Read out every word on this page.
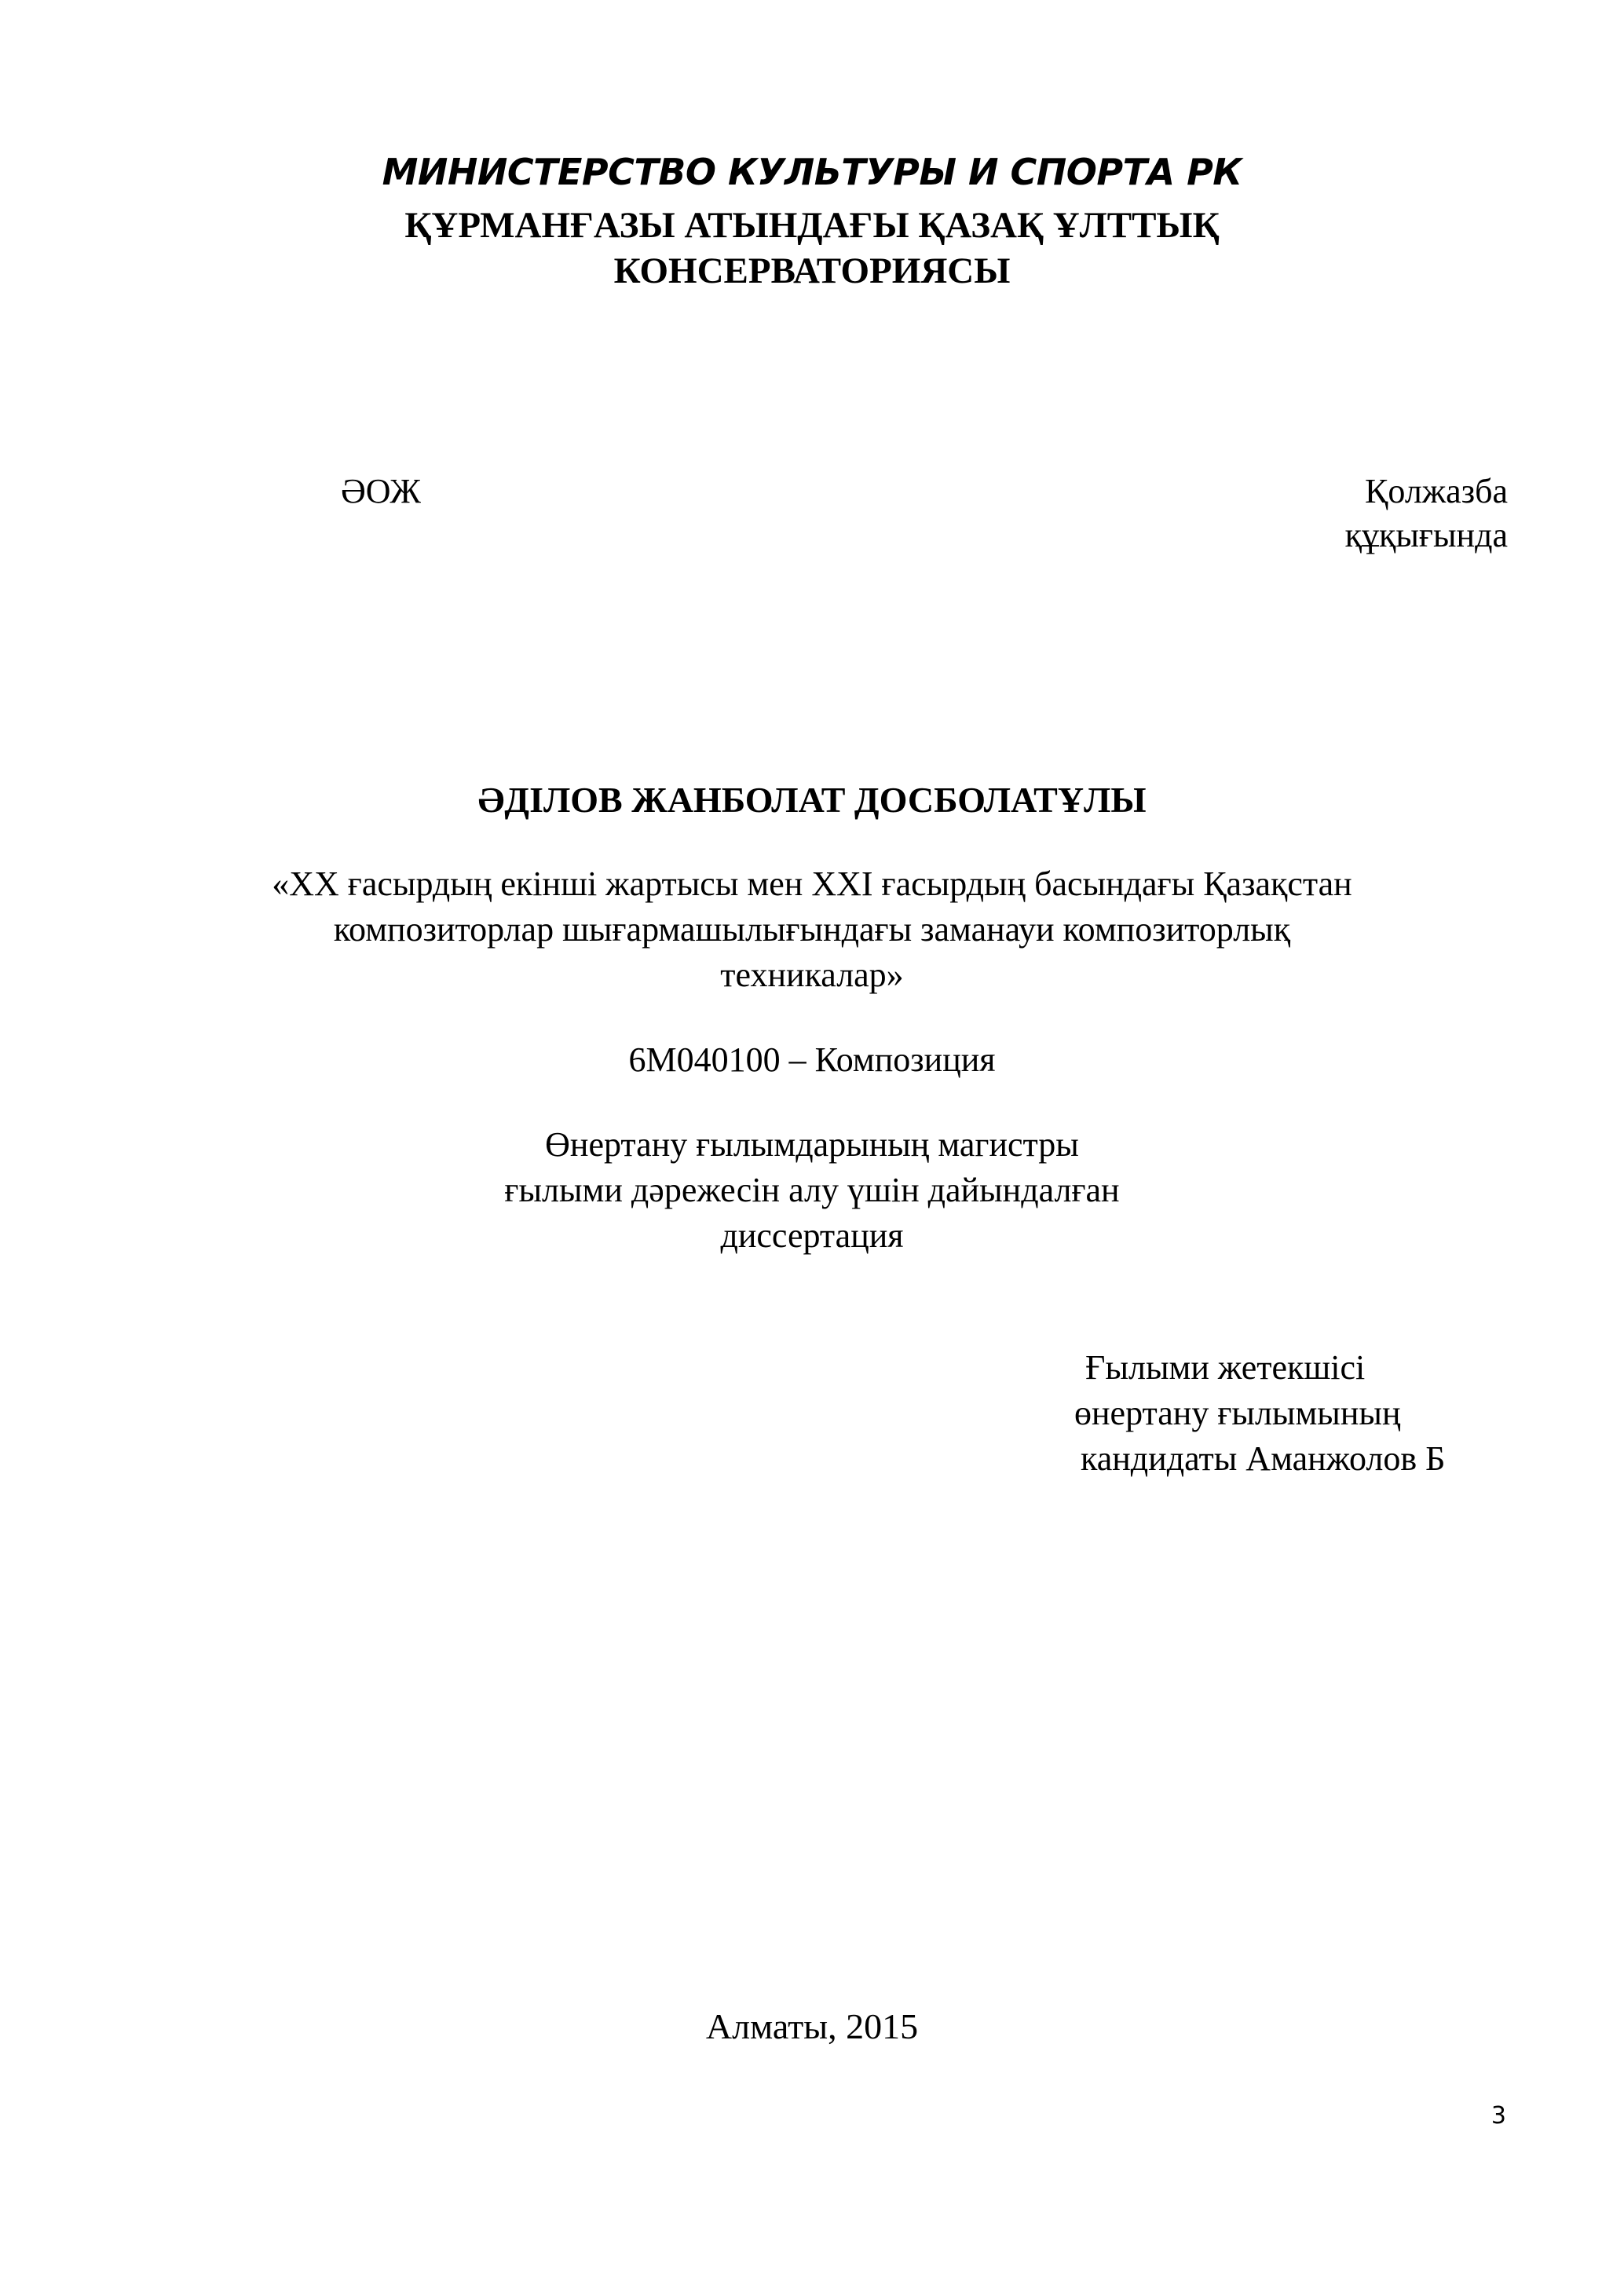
МИНИСТЕРСТВО КУЛЬТУРЫ И СПОРТА РК
ҚҰРМАНҒАЗЫ АТЫНДАҒЫ ҚАЗАҚ ҰЛТТЫҚ
КОНСЕРВАТОРИЯСЫ
ӘОЖ	Қолжазба
құқығында
ӘДІЛОВ ЖАНБОЛАТ ДОСБОЛАТҰЛЫ
«XX ғасырдың екінші жартысы мен XXI ғасырдың басындағы Қазақстан
композиторлар шығармашылығындағы заманауи композиторлық
техникалар»
6М040100 – Композиция
Өнертану ғылымдарының магистры
ғылыми дәрежесін алу үшін дайындалған
диссертация
Ғылыми жетекшісі
өнертану ғылымының
кандидаты Аманжолов Б
Алматы, 2015
3
